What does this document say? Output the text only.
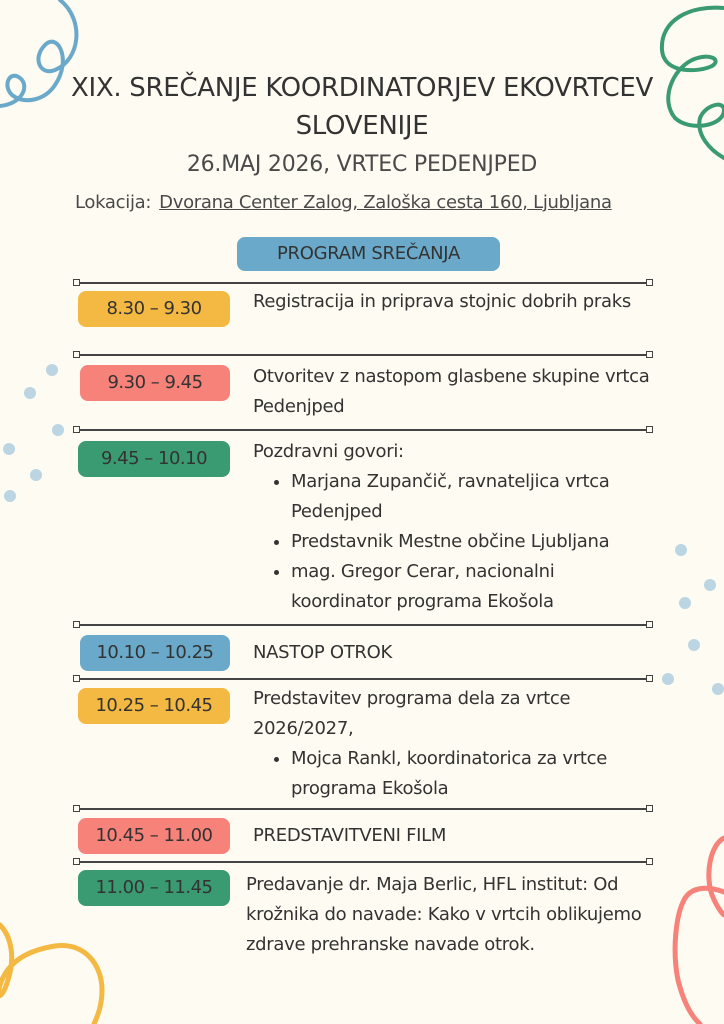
XIX. SREČANJE KOORDINATORJEV EKOVRTCEV
SLOVENIJE
26.MAJ 2026, VRTEC PEDENJPED
Lokacija: Dvorana Center Zalog, Zaloška cesta 160, Ljubljana
PROGRAM SREČANJA
8.30 – 9.30	Registracija in priprava stojnic dobrih praks
9.30 – 9.45	Otvoritev z nastopom glasbene skupine vrtca Pedenjped
9.45 – 10.10	Pozdravni govori:
• Marjana Zupančič, ravnateljica vrtca Pedenjped
• Predstavnik Mestne občine Ljubljana
• mag. Gregor Cerar, nacionalni koordinator programa Ekošola
10.10 – 10.25	NASTOP OTROK
10.25 – 10.45	Predstavitev programa dela za vrtce 2026/2027,
• Mojca Rankl, koordinatorica za vrtce programa Ekošola
10.45 – 11.00	PREDSTAVITVENI FILM
11.00 – 11.45	Predavanje dr. Maja Berlic, HFL institut: Od krožnika do navade: Kako v vrtcih oblikujemo zdrave prehranske navade otrok.
